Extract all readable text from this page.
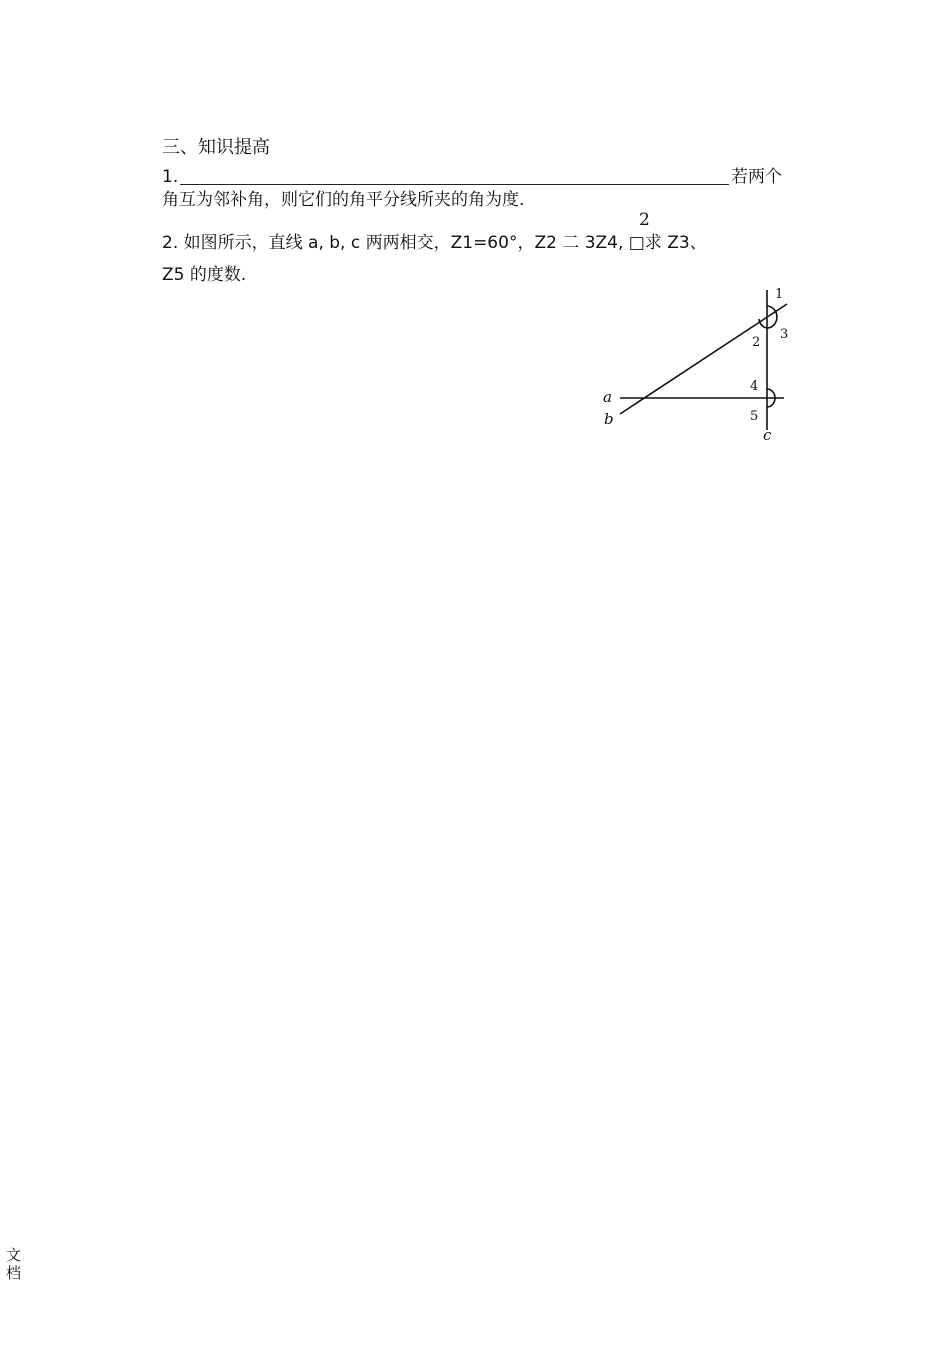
三、知识提高
1.	若两个
角互为邻补角，则它们的角平分线所夹的角为度.
2
2. 如图所示，直线 a, b, c 两两相交，Z1=60°，Z2 二 3Z4, □求 Z3、
Z5 的度数.
1
2
3
4
5
a
b
c
文档
